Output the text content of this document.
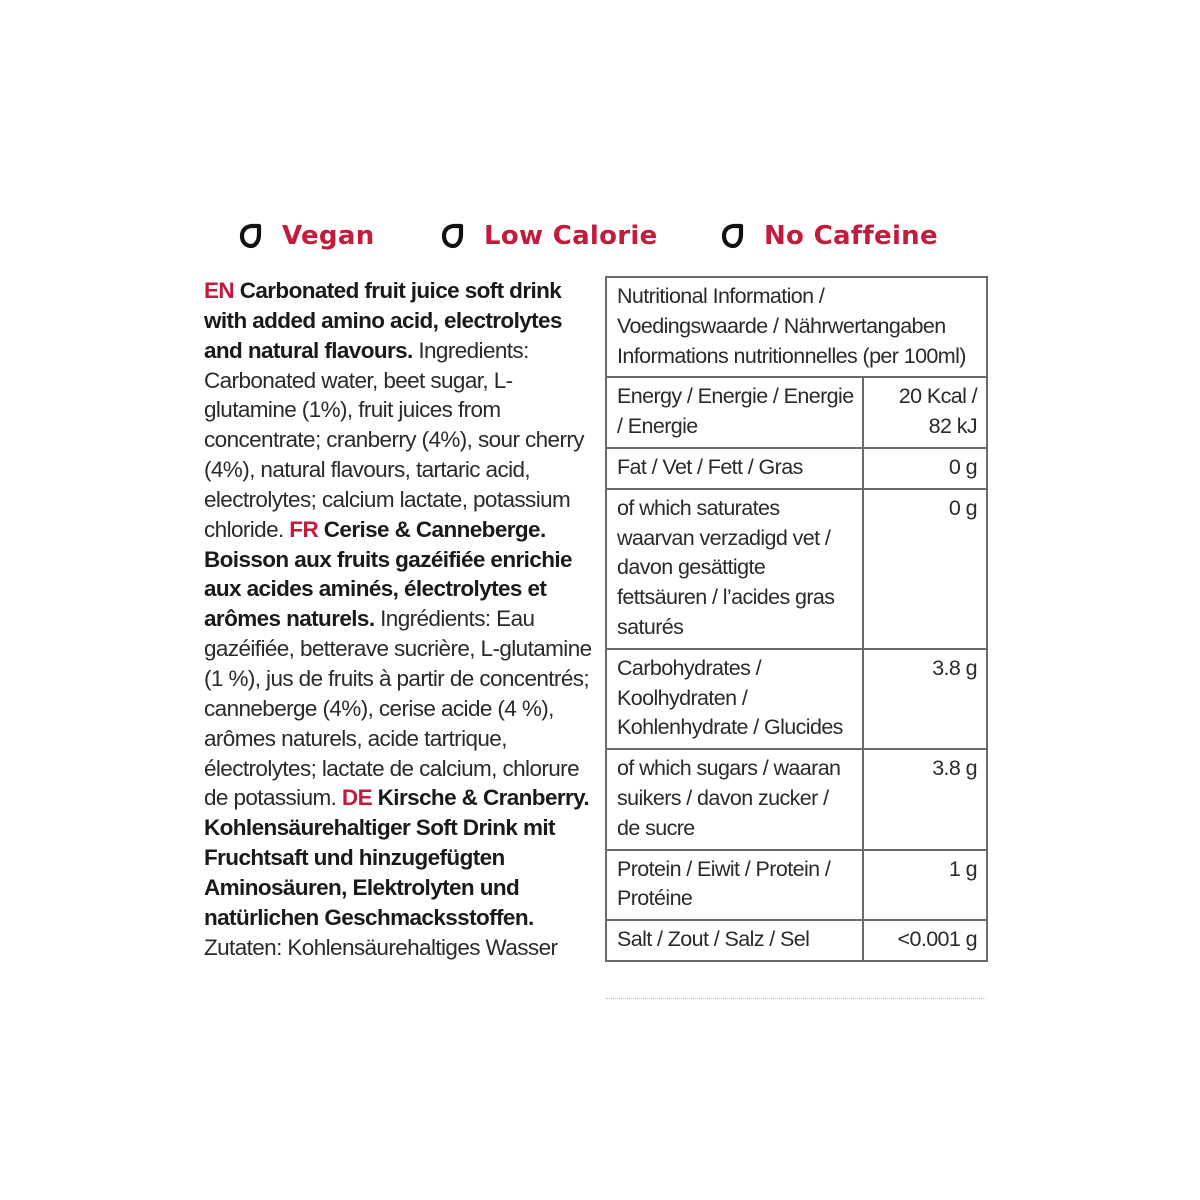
Vegan	Low Calorie	No Caffeine
EN Carbonated fruit juice soft drink with added amino acid, electrolytes and natural flavours. Ingredients: Carbonated water, beet sugar, L-glutamine (1%), fruit juices from concentrate; cranberry (4%), sour cherry (4%), natural flavours, tartaric acid, electrolytes; calcium lactate, potassium chloride. FR Cerise & Canneberge. Boisson aux fruits gazéifiée enrichie aux acides aminés, électrolytes et arômes naturels. Ingrédients: Eau gazéifiée, betterave sucrière, L-glutamine (1 %), jus de fruits à partir de concentrés; canneberge (4%), cerise acide (4 %), arômes naturels, acide tartrique, électrolytes; lactate de calcium, chlorure de potassium. DE Kirsche & Cranberry. Kohlensäurehaltiger Soft Drink mit Fruchtsaft und hinzugefügten Aminosäuren, Elektrolyten und natürlichen Geschmacksstoffen. Zutaten: Kohlensäurehaltiges Wasser
Nutritional Information / Voedingswaarde / Nährwertangaben Informations nutritionnelles (per 100ml)	
Energy / Energie / Energie / Energie	20 Kcal / 82 kJ
Fat / Vet / Fett / Gras	0 g
of which saturates waarvan verzadigd vet / davon gesättigte fettsäuren / l’acides gras saturés	0 g
Carbohydrates / Koolhydraten / Kohlenhydrate / Glucides	3.8 g
of which sugars / waaran suikers / davon zucker / de sucre	3.8 g
Protein / Eiwit / Protein / Protéine	1 g
Salt / Zout / Salz / Sel	<0.001 g
